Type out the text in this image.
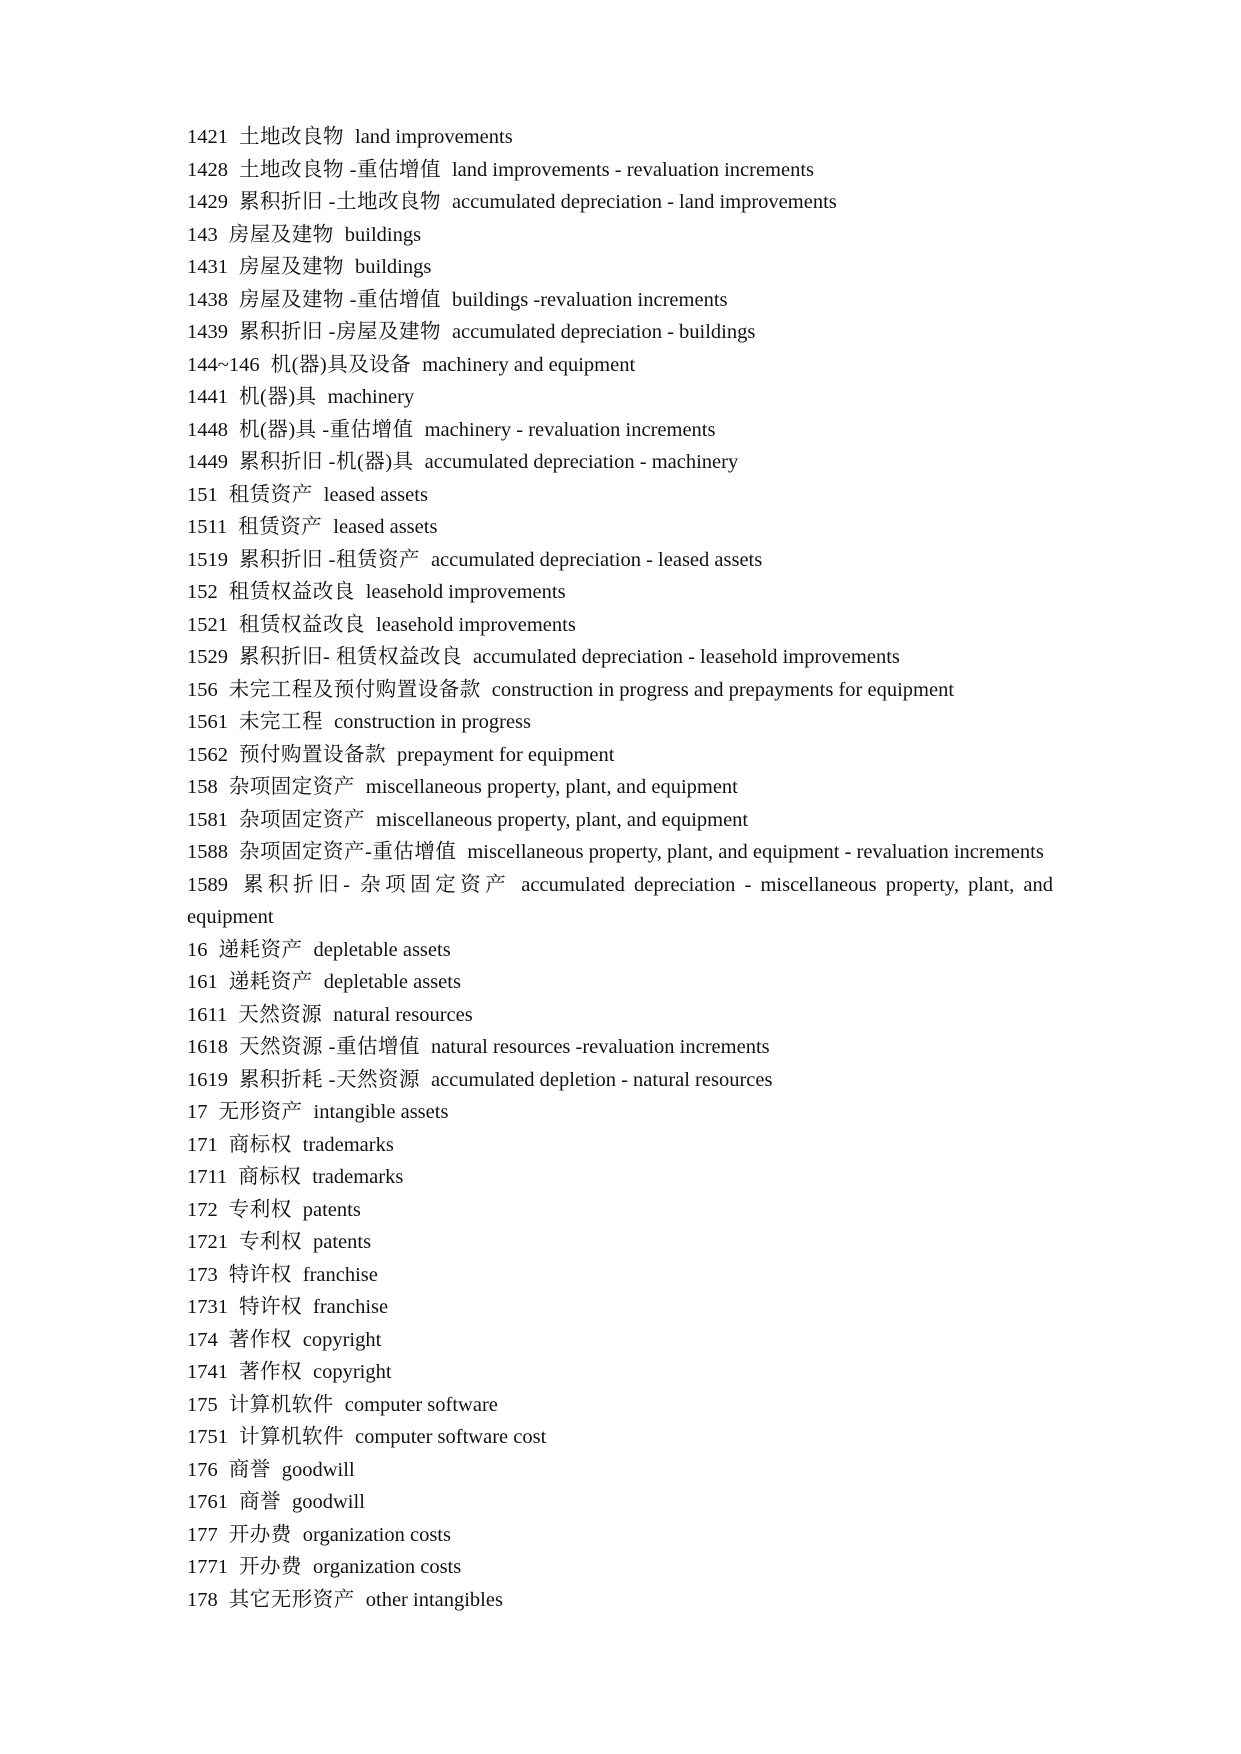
1421 土地改良物 land improvements
1428 土地改良物 -重估增值 land improvements - revaluation increments
1429 累积折旧 -土地改良物 accumulated depreciation - land improvements
143 房屋及建物 buildings
1431 房屋及建物 buildings
1438 房屋及建物 -重估增值 buildings -revaluation increments
1439 累积折旧 -房屋及建物 accumulated depreciation - buildings
144~146 机(器)具及设备 machinery and equipment
1441 机(器)具 machinery
1448 机(器)具 -重估增值 machinery - revaluation increments
1449 累积折旧 -机(器)具 accumulated depreciation - machinery
151 租赁资产 leased assets
1511 租赁资产 leased assets
1519 累积折旧 -租赁资产 accumulated depreciation - leased assets
152 租赁权益改良 leasehold improvements
1521 租赁权益改良 leasehold improvements
1529 累积折旧- 租赁权益改良 accumulated depreciation - leasehold improvements
156 未完工程及预付购置设备款 construction in progress and prepayments for equipment
1561 未完工程 construction in progress
1562 预付购置设备款 prepayment for equipment
158 杂项固定资产 miscellaneous property, plant, and equipment
1581 杂项固定资产 miscellaneous property, plant, and equipment
1588 杂项固定资产-重估增值 miscellaneous property, plant, and equipment - revaluation increments
1589 累积折旧- 杂项固定资产 accumulated depreciation - miscellaneous property, plant, and equipment
16 递耗资产 depletable assets
161 递耗资产 depletable assets
1611 天然资源 natural resources
1618 天然资源 -重估增值 natural resources -revaluation increments
1619 累积折耗 -天然资源 accumulated depletion - natural resources
17 无形资产 intangible assets
171 商标权 trademarks
1711 商标权 trademarks
172 专利权 patents
1721 专利权 patents
173 特许权 franchise
1731 特许权 franchise
174 著作权 copyright
1741 著作权 copyright
175 计算机软件 computer software
1751 计算机软件 computer software cost
176 商誉 goodwill
1761 商誉 goodwill
177 开办费 organization costs
1771 开办费 organization costs
178 其它无形资产 other intangibles
